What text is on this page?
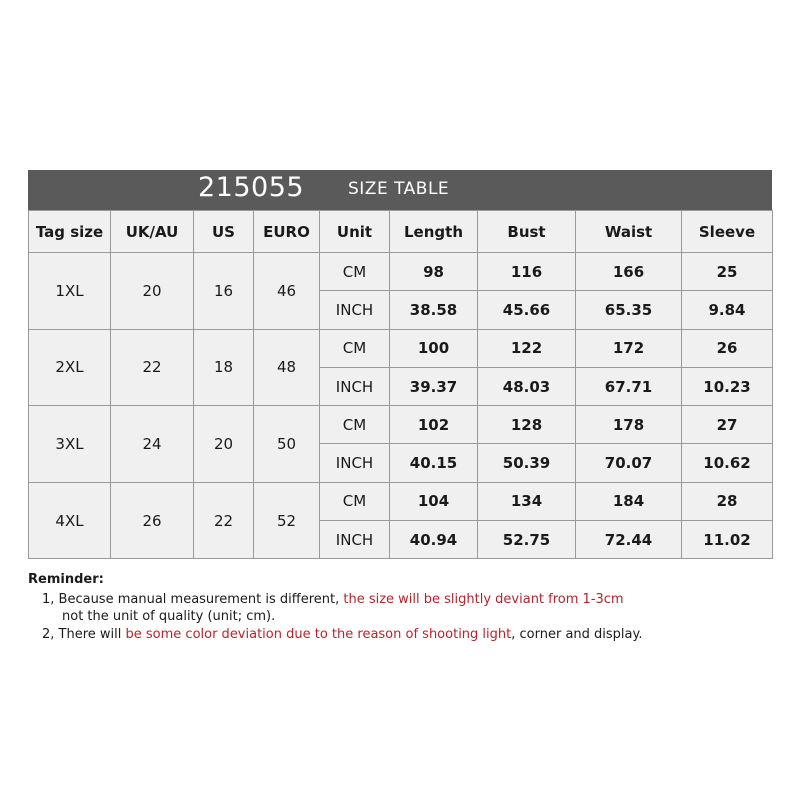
215055	SIZE TABLE
Tag size	UK/AU	US	EURO	Unit	Length	Bust	Waist	Sleeve
1XL	20	16	46	CM	98	116	166	25
				INCH	38.58	45.66	65.35	9.84
2XL	22	18	48	CM	100	122	172	26
				INCH	39.37	48.03	67.71	10.23
3XL	24	20	50	CM	102	128	178	27
				INCH	40.15	50.39	70.07	10.62
4XL	26	22	52	CM	104	134	184	28
				INCH	40.94	52.75	72.44	11.02
Reminder:
1, Because manual measurement is different, the size will be slightly deviant from 1-3cm
not the unit of quality (unit; cm).
2, There will be some color deviation due to the reason of shooting light, corner and display.
